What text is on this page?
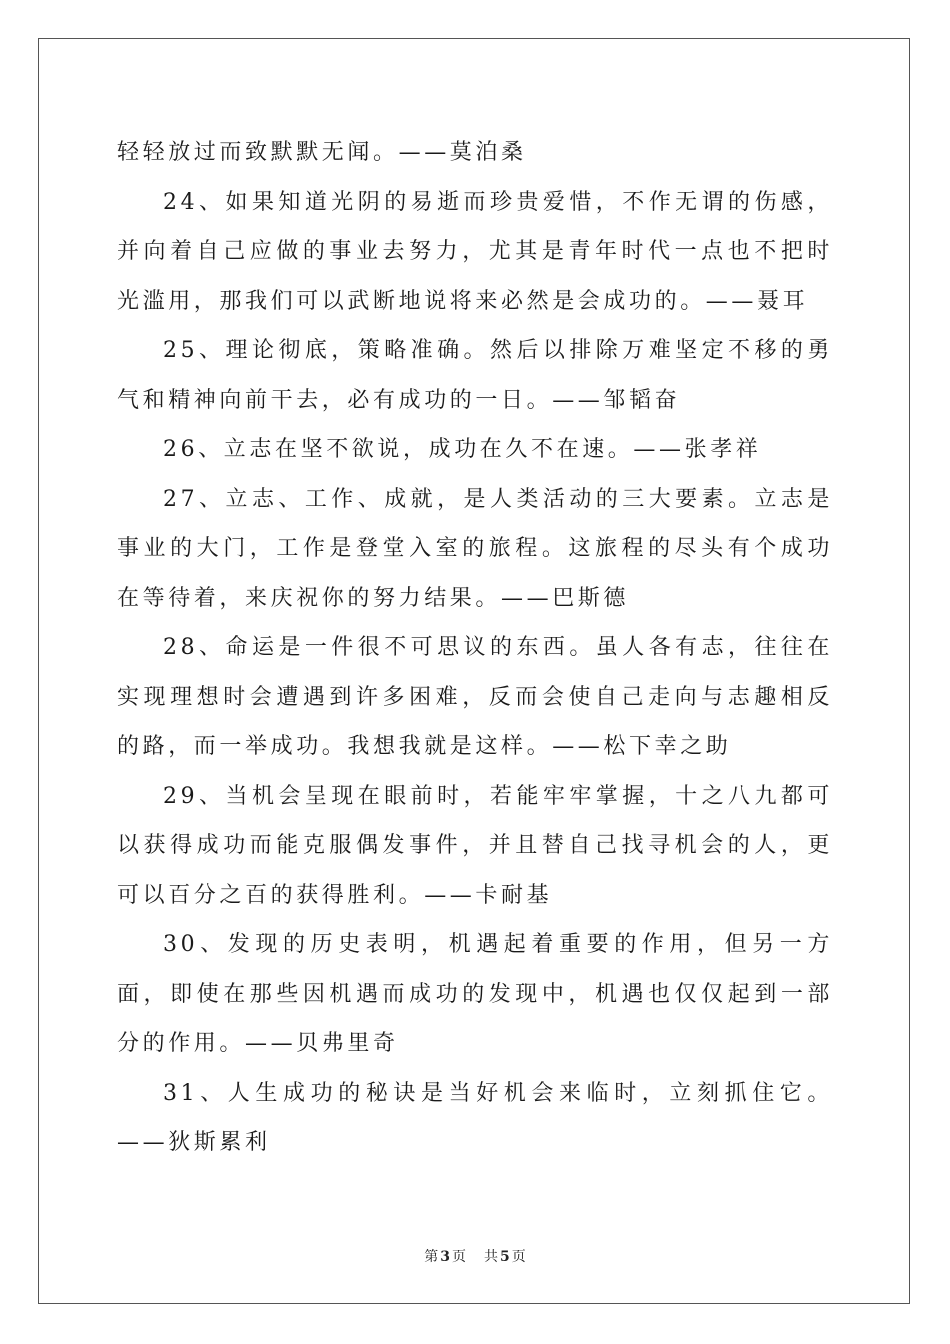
轻轻放过而致默默无闻。——莫泊桑

24、如果知道光阴的易逝而珍贵爱惜，不作无谓的伤感，并向着自己应做的事业去努力，尤其是青年时代一点也不把时光滥用，那我们可以武断地说将来必然是会成功的。——聂耳

25、理论彻底，策略准确。然后以排除万难坚定不移的勇气和精神向前干去，必有成功的一日。——邹韬奋

26、立志在坚不欲说，成功在久不在速。——张孝祥

27、立志、工作、成就，是人类活动的三大要素。立志是事业的大门，工作是登堂入室的旅程。这旅程的尽头有个成功在等待着，来庆祝你的努力结果。——巴斯德

28、命运是一件很不可思议的东西。虽人各有志，往往在实现理想时会遭遇到许多困难，反而会使自己走向与志趣相反的路，而一举成功。我想我就是这样。——松下幸之助

29、当机会呈现在眼前时，若能牢牢掌握，十之八九都可以获得成功而能克服偶发事件，并且替自己找寻机会的人，更可以百分之百的获得胜利。——卡耐基

30、发现的历史表明，机遇起着重要的作用，但另一方面，即使在那些因机遇而成功的发现中，机遇也仅仅起到一部分的作用。——贝弗里奇

31、人生成功的秘诀是当好机会来临时，立刻抓住它。——狄斯累利

第 3 页 共 5 页
